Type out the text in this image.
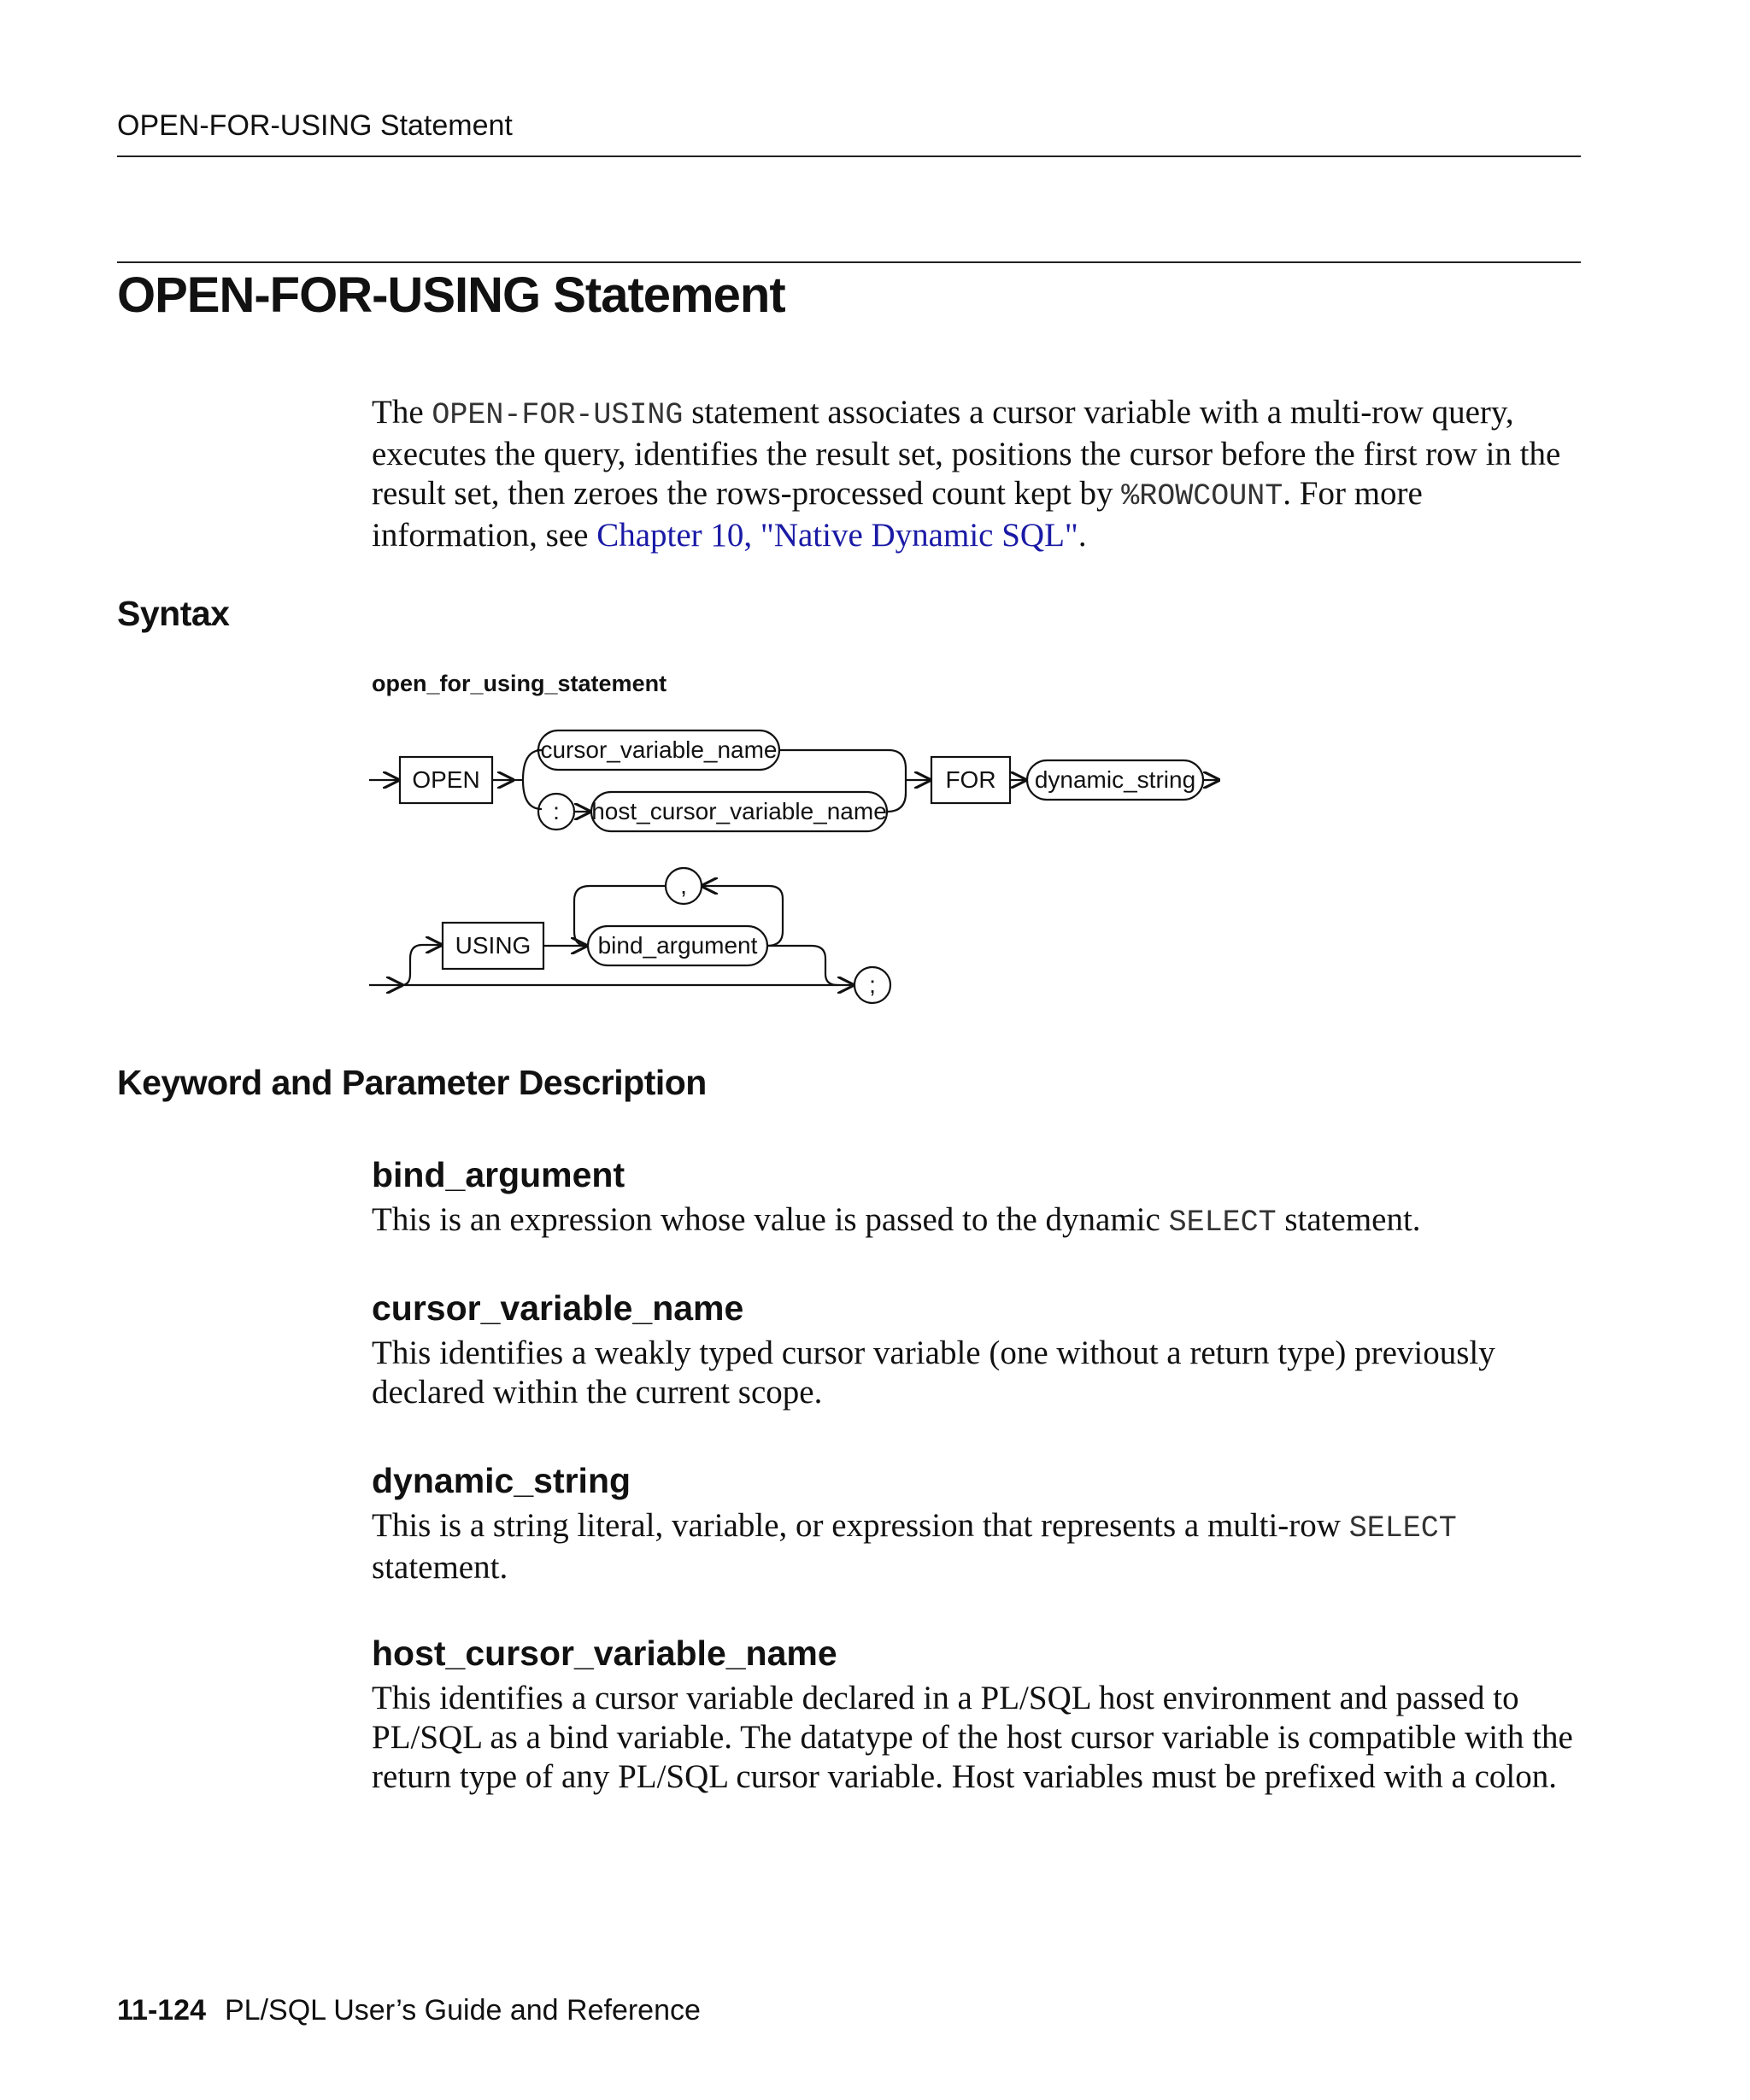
OPEN-FOR-USING Statement
OPEN-FOR-USING Statement
The OPEN-FOR-USING statement associates a cursor variable with a multi-row query, executes the query, identifies the result set, positions the cursor before the first row in the result set, then zeroes the rows-processed count kept by %ROWCOUNT. For more information, see Chapter 10, "Native Dynamic SQL".
Syntax
open_for_using_statement
OPEN
cursor_variable_name
: host_cursor_variable_name
FOR dynamic_string
,
USING	bind_argument
;
Keyword and Parameter Description
bind_argument
This is an expression whose value is passed to the dynamic SELECT statement.
cursor_variable_name
This identifies a weakly typed cursor variable (one without a return type) previously declared within the current scope.
dynamic_string
This is a string literal, variable, or expression that represents a multi-row SELECT statement.
host_cursor_variable_name
This identifies a cursor variable declared in a PL/SQL host environment and passed to PL/SQL as a bind variable. The datatype of the host cursor variable is compatible with the return type of any PL/SQL cursor variable. Host variables must be prefixed with a colon.
11-124 PL/SQL User’s Guide and Reference
